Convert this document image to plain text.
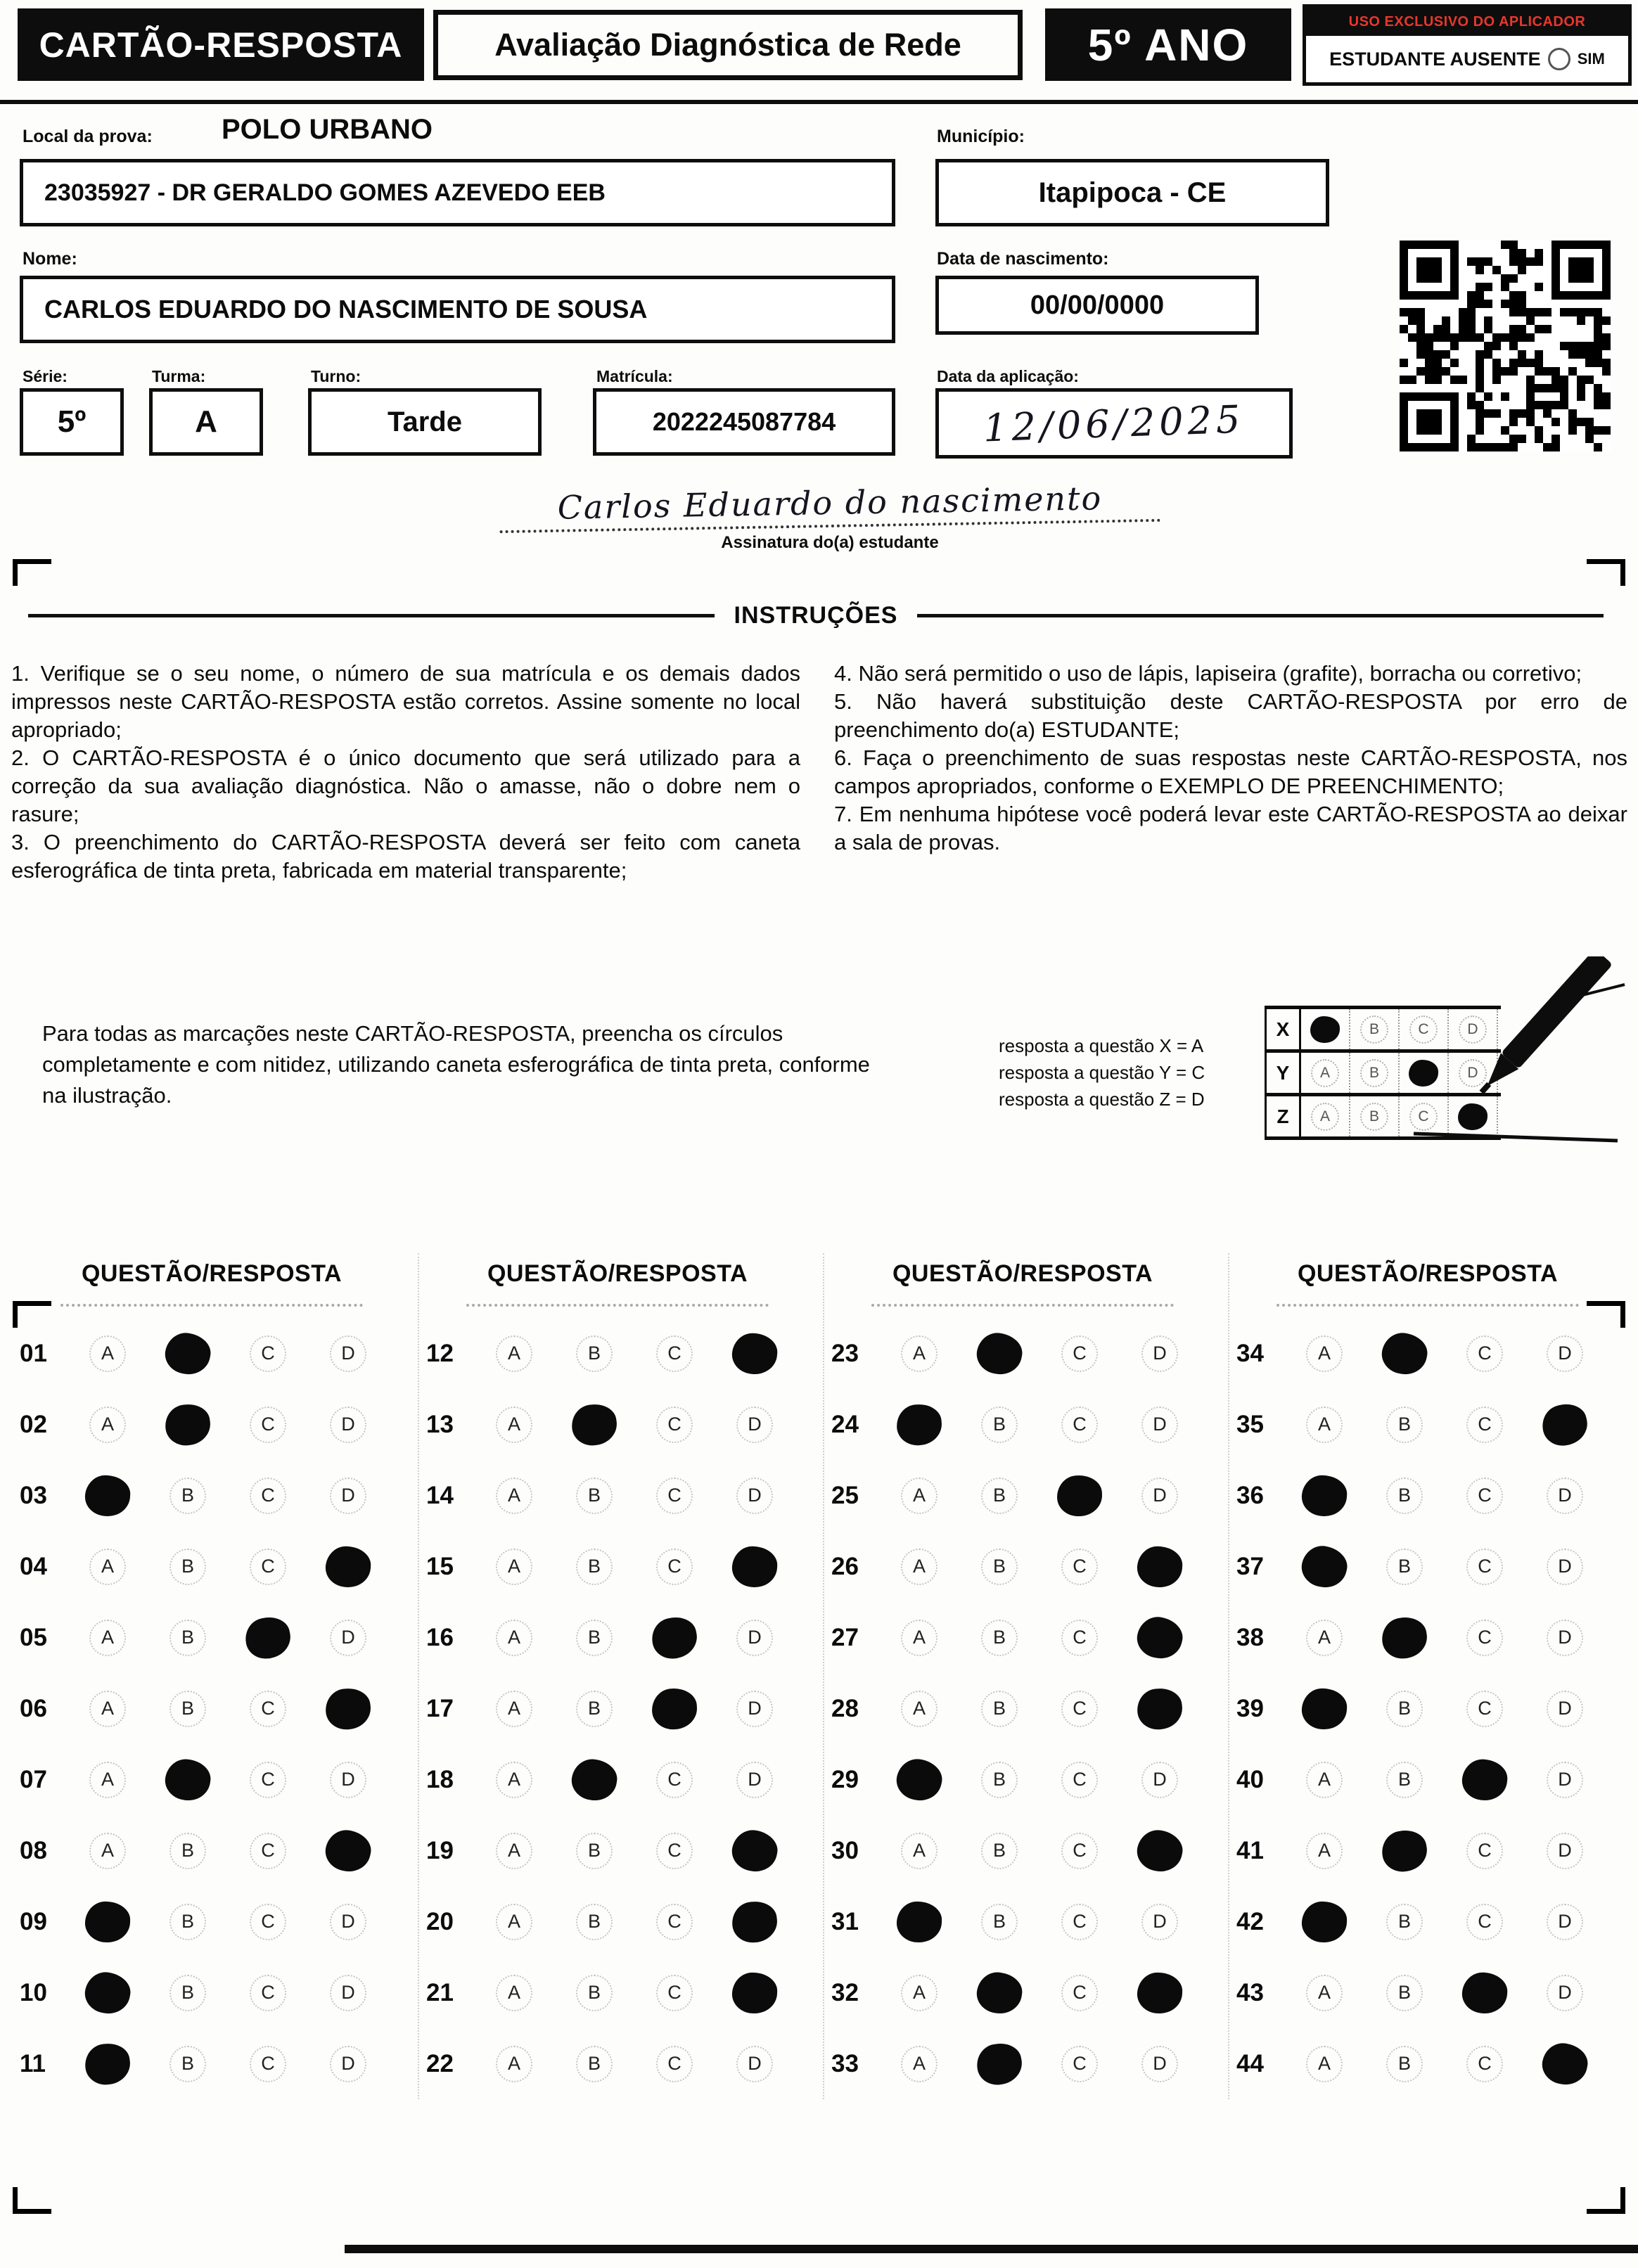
CARTÃO-RESPOSTA	Avaliação Diagnóstica de Rede	5º ANO	USO EXCLUSIVO DO APLICADOR
ESTUDANTE AUSENTE SIM
Local da prova: POLO URBANO
23035927 - DR GERALDO GOMES AZEVEDO EEB
Município:
Itapipoca - CE
Nome:
CARLOS EDUARDO DO NASCIMENTO DE SOUSA
Data de nascimento:
00/00/0000
Série:
5º
Turma:
A
Turno:
Tarde
Matrícula:
2022245087784
Data da aplicação:
12/06/2025
Carlos Eduardo do nascimento
Assinatura do(a) estudante
INSTRUÇÕES

1. Verifique se o seu nome, o número de sua matrícula e os demais dados impressos neste CARTÃO-RESPOSTA estão corretos. Assine somente no local apropriado;

2. O CARTÃO-RESPOSTA é o único documento que será utilizado para a correção da sua avaliação diagnóstica. Não o amasse, não o dobre nem o rasure;

3. O preenchimento do CARTÃO-RESPOSTA deverá ser feito com caneta esferográfica de tinta preta, fabricada em material transparente;

4. Não será permitido o uso de lápis, lapiseira (grafite), borracha ou corretivo;

5. Não haverá substituição deste CARTÃO-RESPOSTA por erro de preenchimento do(a) ESTUDANTE;

6. Faça o preenchimento de suas respostas neste CARTÃO-RESPOSTA, nos campos apropriados, conforme o EXEMPLO DE PREENCHIMENTO;

7. Em nenhuma hipótese você poderá levar este CARTÃO-RESPOSTA ao deixar a sala de provas.

Para todas as marcações neste CARTÃO-RESPOSTA, preencha os círculos completamente e com nitidez, utilizando caneta esferográfica de tinta preta, conforme na ilustração.
resposta a questão X = A
resposta a questão Y = C
resposta a questão Z = D
X	B	C	D
Y	A	B	D
Z	A	B	C
QUESTÃO/RESPOSTA
01	A	C	D
02	A	C	D
03	B	C	D
04	A	B	C
05	A	B	D
06	A	B	C
07	A	C	D
08	A	B	C
09	B	C	D
10	B	C	D
11	B	C	D
QUESTÃO/RESPOSTA
12	A	B	C
13	A	C	D
14	A	B	C	D
15	A	B	C
16	A	B	D
17	A	B	D
18	A	C	D
19	A	B	C
20	A	B	C
21	A	B	C
22	A	B	C	D
QUESTÃO/RESPOSTA
23	A	C	D
24	B	C	D
25	A	B	D
26	A	B	C
27	A	B	C
28	A	B	C
29	B	C	D
30	A	B	C
31	B	C	D
32	A	C
33	A	C	D
QUESTÃO/RESPOSTA
34	A	C	D
35	A	B	C
36	B	C	D
37	B	C	D
38	A	C	D
39	B	C	D
40	A	B	D
41	A	C	D
42	B	C	D
43	A	B	D
44	A	B	C
